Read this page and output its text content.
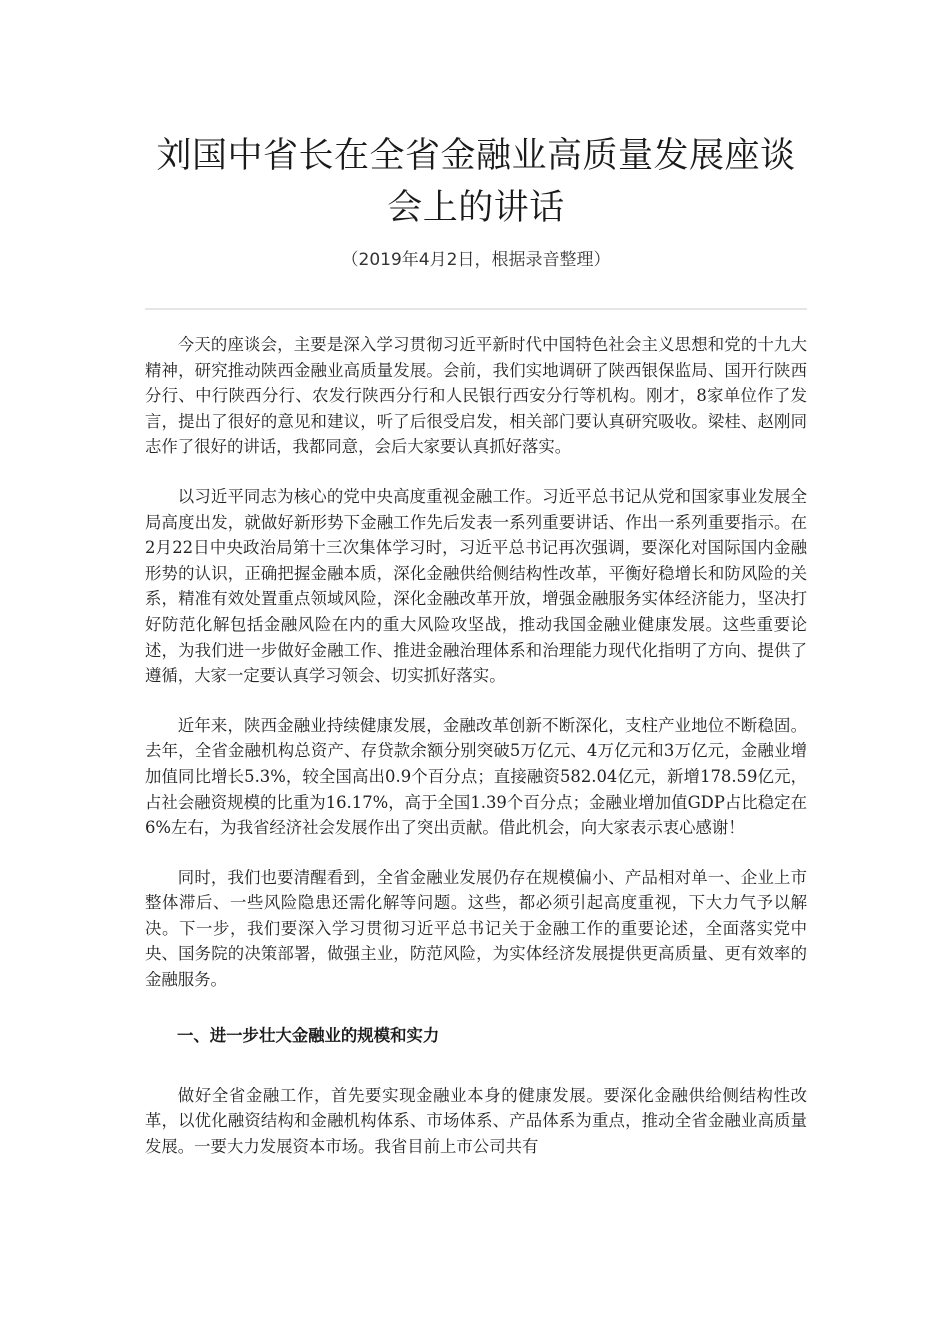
刘国中省长在全省金融业高质量发展座谈会上的讲话
（2019年4月2日，根据录音整理）

今天的座谈会，主要是深入学习贯彻习近平新时代中国特色社会主义思想和党的十九大精神，研究推动陕西金融业高质量发展。会前，我们实地调研了陕西银保监局、国开行陕西分行、中行陕西分行、农发行陕西分行和人民银行西安分行等机构。刚才，8家单位作了发言，提出了很好的意见和建议，听了后很受启发，相关部门要认真研究吸收。梁桂、赵刚同志作了很好的讲话，我都同意，会后大家要认真抓好落实。

以习近平同志为核心的党中央高度重视金融工作。习近平总书记从党和国家事业发展全局高度出发，就做好新形势下金融工作先后发表一系列重要讲话、作出一系列重要指示。在2月22日中央政治局第十三次集体学习时，习近平总书记再次强调，要深化对国际国内金融形势的认识，正确把握金融本质，深化金融供给侧结构性改革，平衡好稳增长和防风险的关系，精准有效处置重点领域风险，深化金融改革开放，增强金融服务实体经济能力，坚决打好防范化解包括金融风险在内的重大风险攻坚战，推动我国金融业健康发展。这些重要论述，为我们进一步做好金融工作、推进金融治理体系和治理能力现代化指明了方向、提供了遵循，大家一定要认真学习领会、切实抓好落实。

近年来，陕西金融业持续健康发展，金融改革创新不断深化，支柱产业地位不断稳固。去年，全省金融机构总资产、存贷款余额分别突破5万亿元、4万亿元和3万亿元，金融业增加值同比增长5.3%，较全国高出0.9个百分点；直接融资582.04亿元，新增178.59亿元，占社会融资规模的比重为16.17%，高于全国1.39个百分点；金融业增加值GDP占比稳定在6%左右，为我省经济社会发展作出了突出贡献。借此机会，向大家表示衷心感谢！

同时，我们也要清醒看到，全省金融业发展仍存在规模偏小、产品相对单一、企业上市整体滞后、一些风险隐患还需化解等问题。这些，都必须引起高度重视，下大力气予以解决。下一步，我们要深入学习贯彻习近平总书记关于金融工作的重要论述，全面落实党中央、国务院的决策部署，做强主业，防范风险，为实体经济发展提供更高质量、更有效率的金融服务。

一、进一步壮大金融业的规模和实力

做好全省金融工作，首先要实现金融业本身的健康发展。要深化金融供给侧结构性改革，以优化融资结构和金融机构体系、市场体系、产品体系为重点，推动全省金融业高质量发展。一要大力发展资本市场。我省目前上市公司共有
